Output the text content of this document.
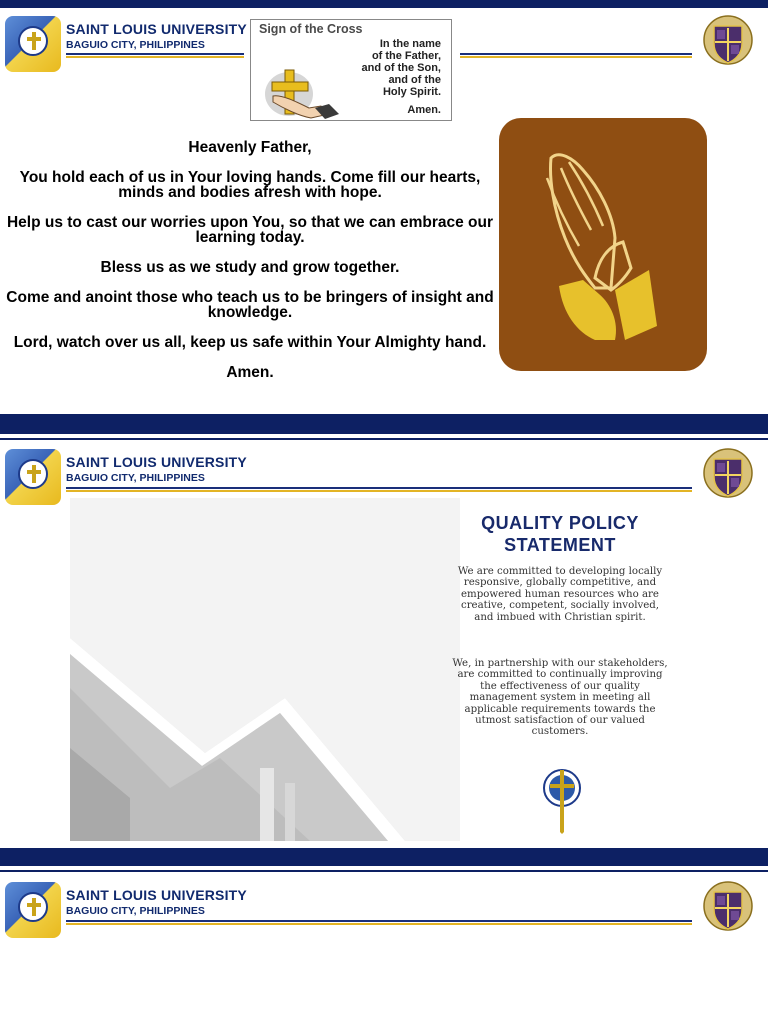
SAINT LOUIS UNIVERSITY
BAGUIO CITY, PHILIPPINES
Sign of the Cross
In the name
of the Father,
and of the Son,
and of the
Holy Spirit.
Amen.

Heavenly Father,

You hold each of us in Your loving hands. Come fill our hearts, minds and bodies afresh with hope.

Help us to cast our worries upon You, so that we can embrace our learning today.

Bless us as we study and grow together.

Come and anoint those who teach us to be bringers of insight and knowledge.

Lord, watch over us all, keep us safe within Your Almighty hand.

Amen.

SAINT LOUIS UNIVERSITY
BAGUIO CITY, PHILIPPINES
QUALITY POLICY
STATEMENT
We are committed to developing locally responsive, globally competitive, and empowered human resources who are creative, competent, socially involved, and imbued with Christian spirit.
We, in partnership with our stakeholders, are committed to continually improving the effectiveness of our quality management system in meeting all applicable requirements towards the utmost satisfaction of our valued customers.
SAINT LOUIS UNIVERSITY
BAGUIO CITY, PHILIPPINES
